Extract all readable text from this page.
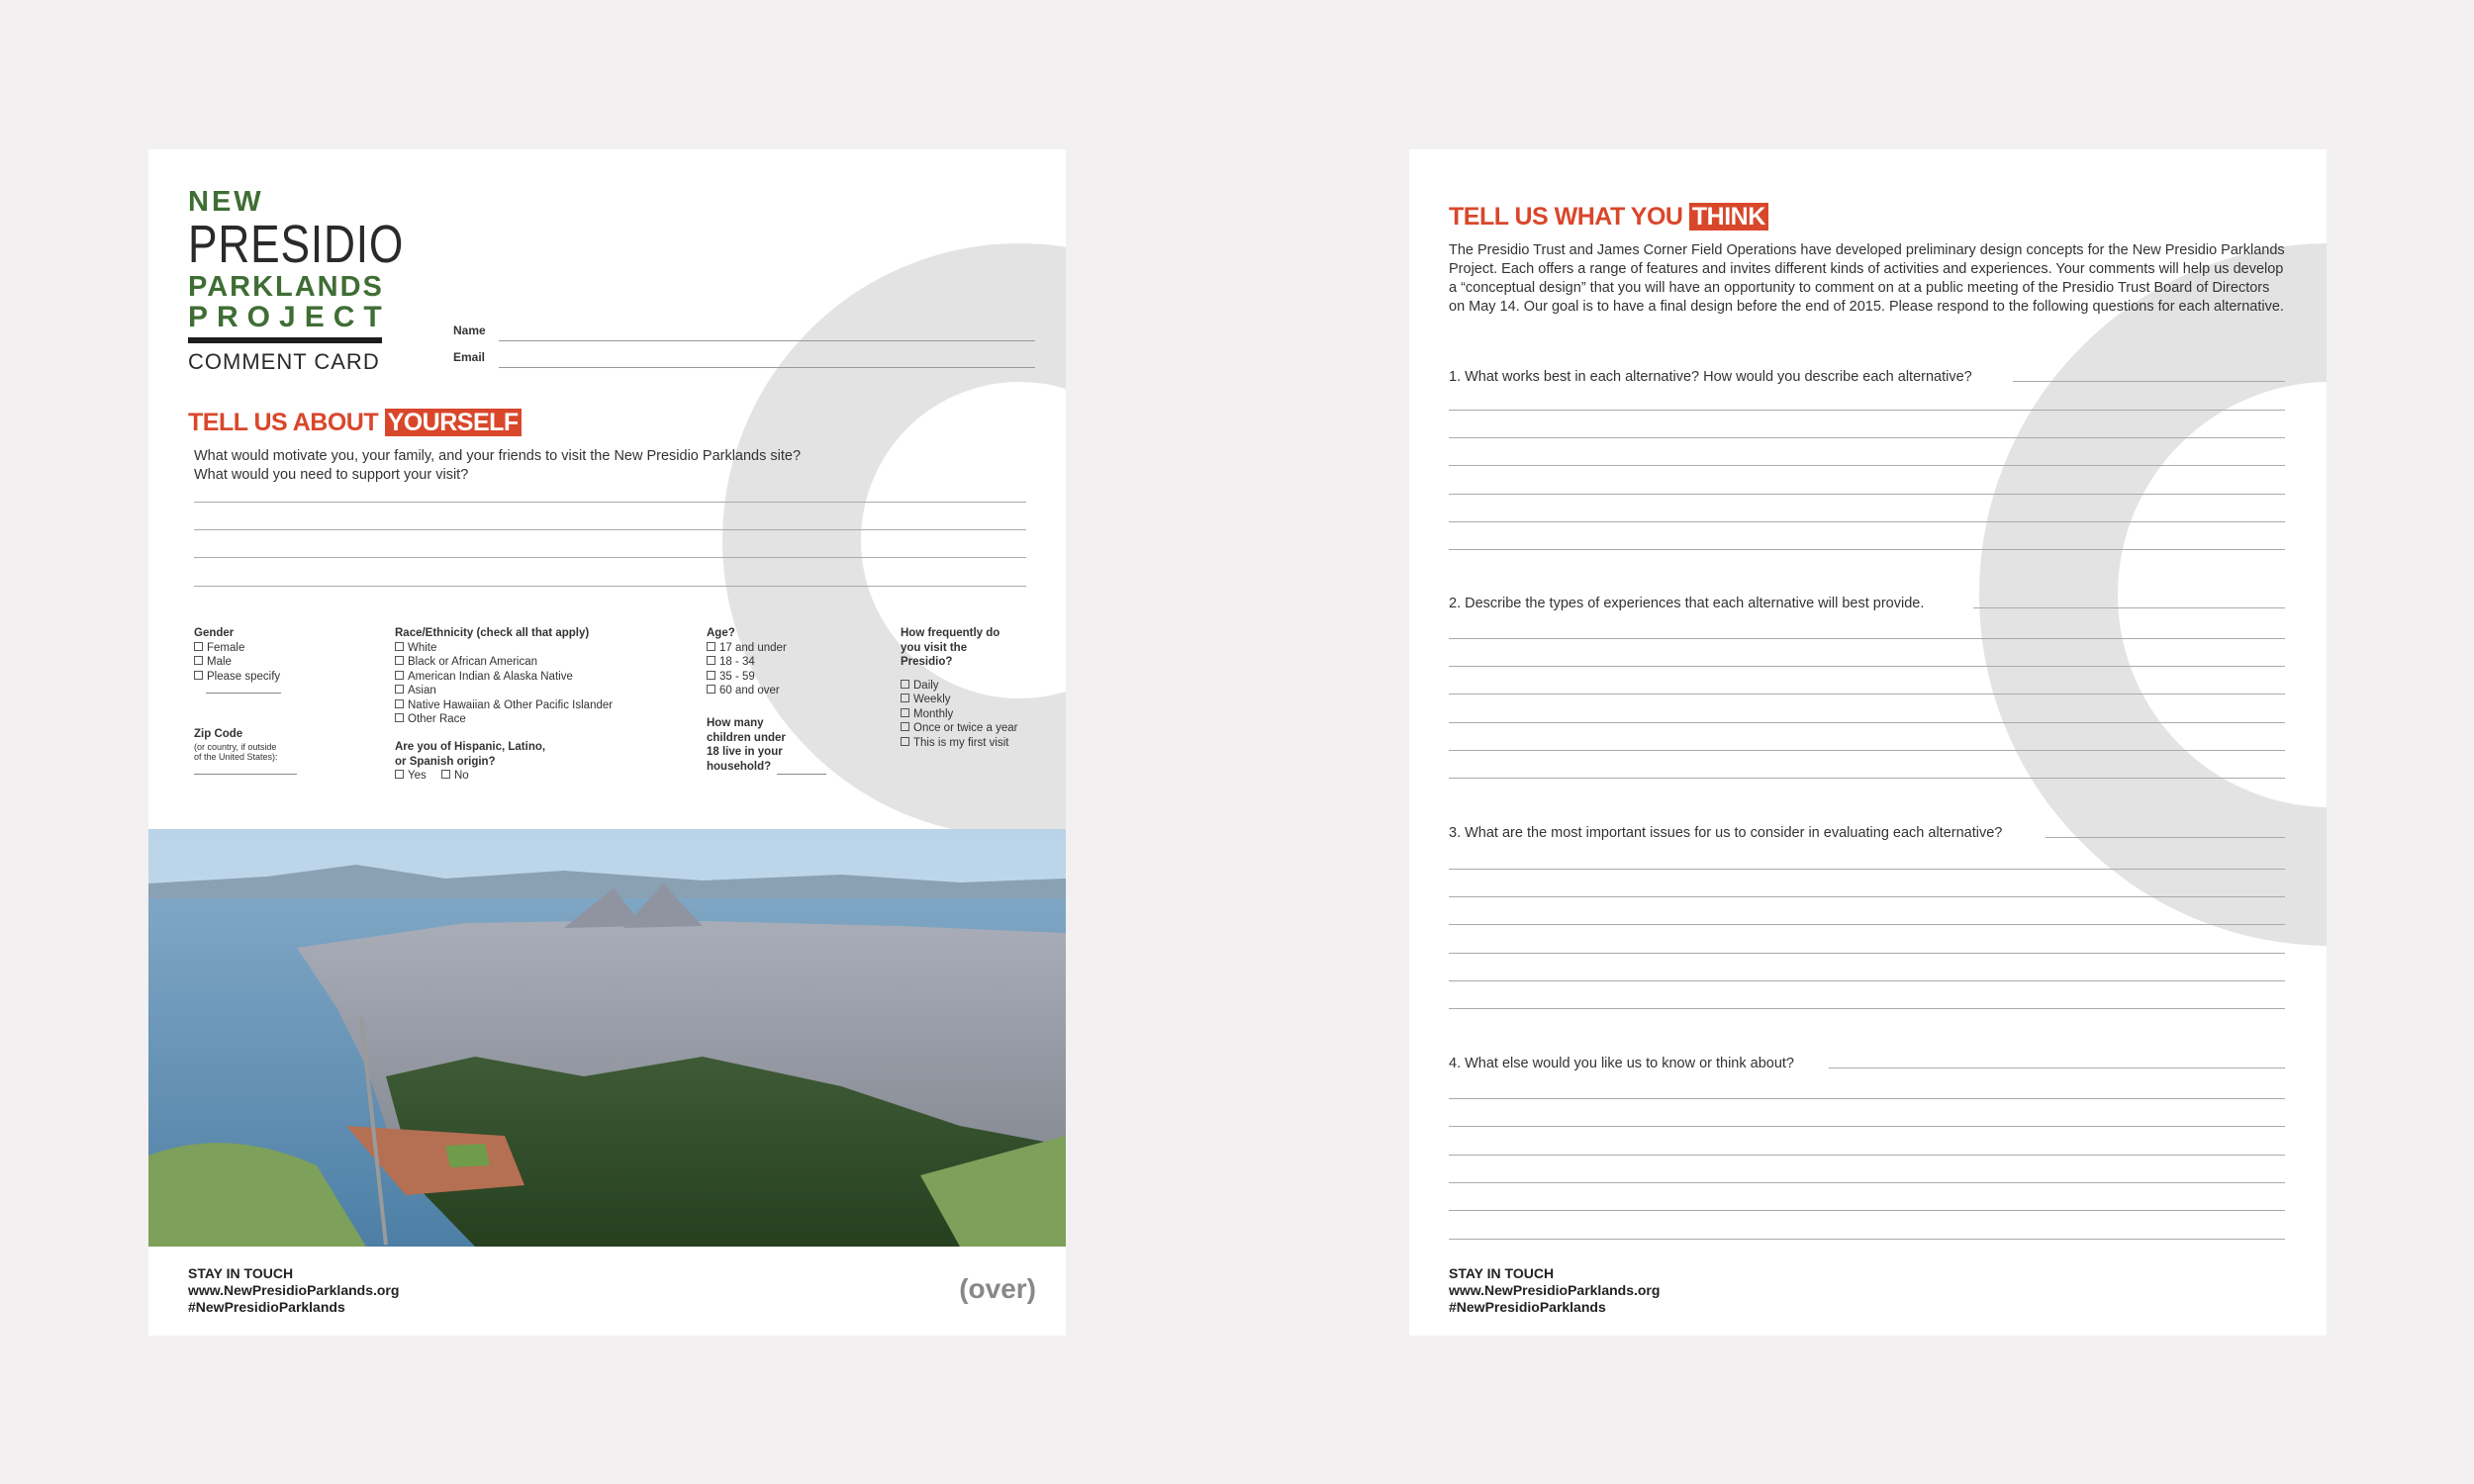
NEW
PRESIDIO
PARKLANDS
PROJECT
COMMENT CARD
Name
Email
TELL US ABOUT YOURSELF
What would motivate you, your family, and your friends to visit the New Presidio Parklands site?
What would you need to support your visit?
Gender
Female
Male
Please specify
Zip Code
(or country, if outside
of the United States):
Race/Ethnicity (check all that apply)
White
Black or African American
American Indian & Alaska Native
Asian
Native Hawaiian & Other Pacific Islander
Other Race
Are you of Hispanic, Latino,
or Spanish origin?
Yes No
Age?
17 and under
18 - 34
35 - 59
60 and over
How many
children under
18 live in your
household?
How frequently do
you visit the
Presidio?
Daily
Weekly
Monthly
Once or twice a year
This is my first visit
STAY IN TOUCH
www.NewPresidioParklands.org
#NewPresidioParklands
(over)
TELL US WHAT YOU THINK
The Presidio Trust and James Corner Field Operations have developed preliminary design concepts for the New Presidio Parklands Project. Each offers a range of features and invites different kinds of activities and experiences. Your comments will help us develop a “conceptual design” that you will have an opportunity to comment on at a public meeting of the Presidio Trust Board of Directors on May 14. Our goal is to have a final design before the end of 2015. Please respond to the following questions for each alternative.
1. What works best in each alternative? How would you describe each alternative?
2. Describe the types of experiences that each alternative will best provide.
3. What are the most important issues for us to consider in evaluating each alternative?
4. What else would you like us to know or think about?
STAY IN TOUCH
www.NewPresidioParklands.org
#NewPresidioParklands
